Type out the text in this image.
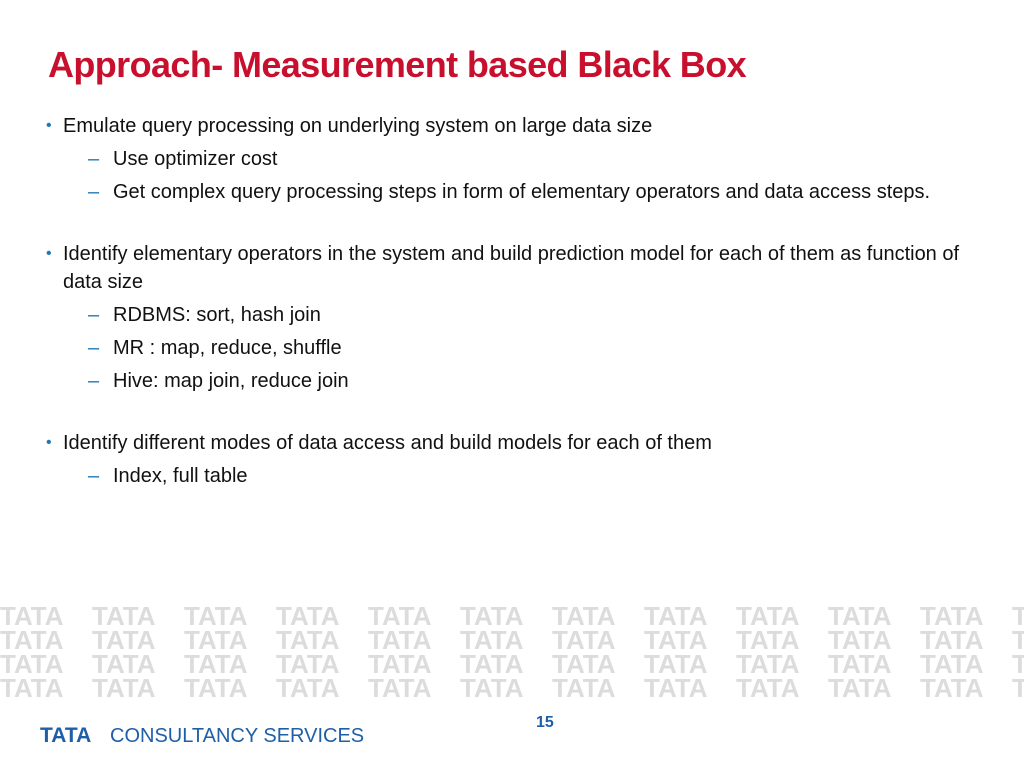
Approach- Measurement based Black Box
• Emulate query processing on underlying system on large data size
– Use optimizer cost
– Get complex query processing steps in form of elementary operators and data access steps.
• Identify elementary operators in the system and build prediction model for each of them as function of data size
– RDBMS: sort, hash join
– MR : map, reduce, shuffle
– Hive: map join, reduce join
• Identify different modes of data access and build models for each of them
– Index, full table
TATA CONSULTANCY SERVICES
15
